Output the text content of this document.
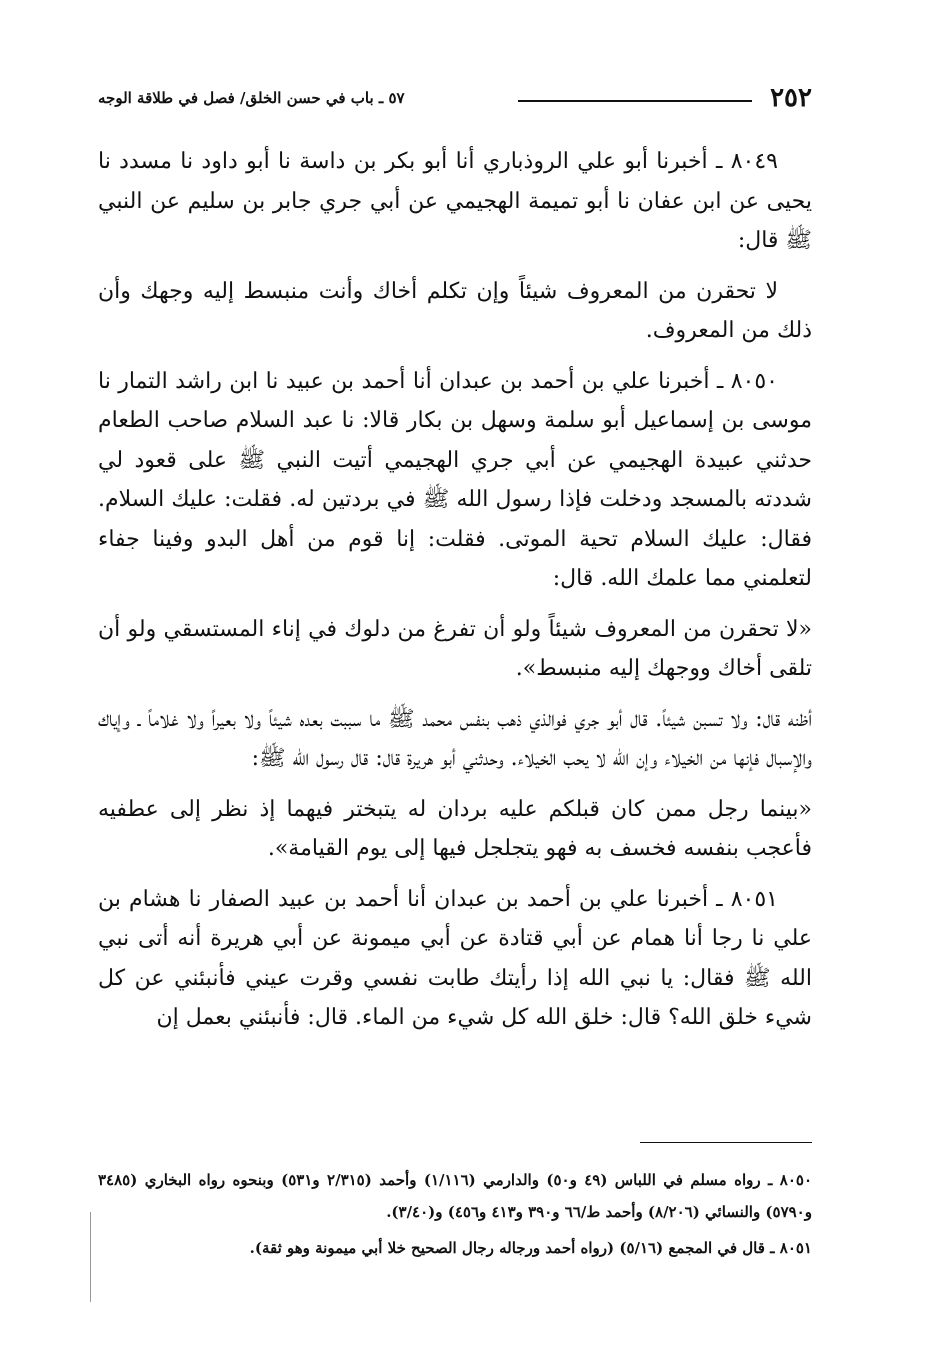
٢٥٢
٥٧ ـ باب في حسن الخلق/ فصل في طلاقة الوجه

٨٠٤٩ ـ أخبرنا أبو علي الروذباري أنا أبو بكر بن داسة نا أبو داود نا مسدد نا يحيى عن ابن عفان نا أبو تميمة الهجيمي عن أبي جري جابر بن سليم عن النبي ﷺ قال:

لا تحقرن من المعروف شيئاً وإن تكلم أخاك وأنت منبسط إليه وجهك وأن ذلك من المعروف.

٨٠٥٠ ـ أخبرنا علي بن أحمد بن عبدان أنا أحمد بن عبيد نا ابن راشد التمار نا موسى بن إسماعيل أبو سلمة وسهل بن بكار قالا: نا عبد السلام صاحب الطعام حدثني عبيدة الهجيمي عن أبي جري الهجيمي أتيت النبي ﷺ على قعود لي شددته بالمسجد ودخلت فإذا رسول الله ﷺ في بردتين له. فقلت: عليك السلام. فقال: عليك السلام تحية الموتى. فقلت: إنا قوم من أهل البدو وفينا جفاء لتعلمني مما علمك الله. قال:

«لا تحقرن من المعروف شيئاً ولو أن تفرغ من دلوك في إناء المستسقي ولو أن تلقى أخاك ووجهك إليه منبسط».

أظنه قال: ولا تسبن شيئاً. قال أبو جري فوالذي ذهب بنفس محمد ﷺ ما سببت بعده شيئاً ولا بعيراً ولا غلاماً ـ وإياك والإسبال فإنها من الخيلاء وإن الله لا يحب الخيلاء. وحدثني أبو هريرة قال: قال رسول الله ﷺ:

«بينما رجل ممن كان قبلكم عليه بردان له يتبختر فيهما إذ نظر إلى عطفيه فأعجب بنفسه فخسف به فهو يتجلجل فيها إلى يوم القيامة».

٨٠٥١ ـ أخبرنا علي بن أحمد بن عبدان أنا أحمد بن عبيد الصفار نا هشام بن علي نا رجا أنا همام عن أبي قتادة عن أبي ميمونة عن أبي هريرة أنه أتى نبي الله ﷺ فقال: يا نبي الله إذا رأيتك طابت نفسي وقرت عيني فأنبئني عن كل شيء خلق الله؟ قال: خلق الله كل شيء من الماء. قال: فأنبئني بعمل إن

٨٠٥٠ ـ رواه مسلم في اللباس (٤٩ و٥٠) والدارمي (١/١١٦) وأحمد (٢/٣١٥ و٥٣١) وبنحوه رواه البخاري (٣٤٨٥ و٥٧٩٠) والنسائي (٨/٢٠٦) وأحمد ط/٦٦ و٣٩٠ و٤١٣ و٤٥٦) و(٣/٤٠).

٨٠٥١ ـ قال في المجمع (٥/١٦) (رواه أحمد ورجاله رجال الصحيح خلا أبي ميمونة وهو ثقة).
